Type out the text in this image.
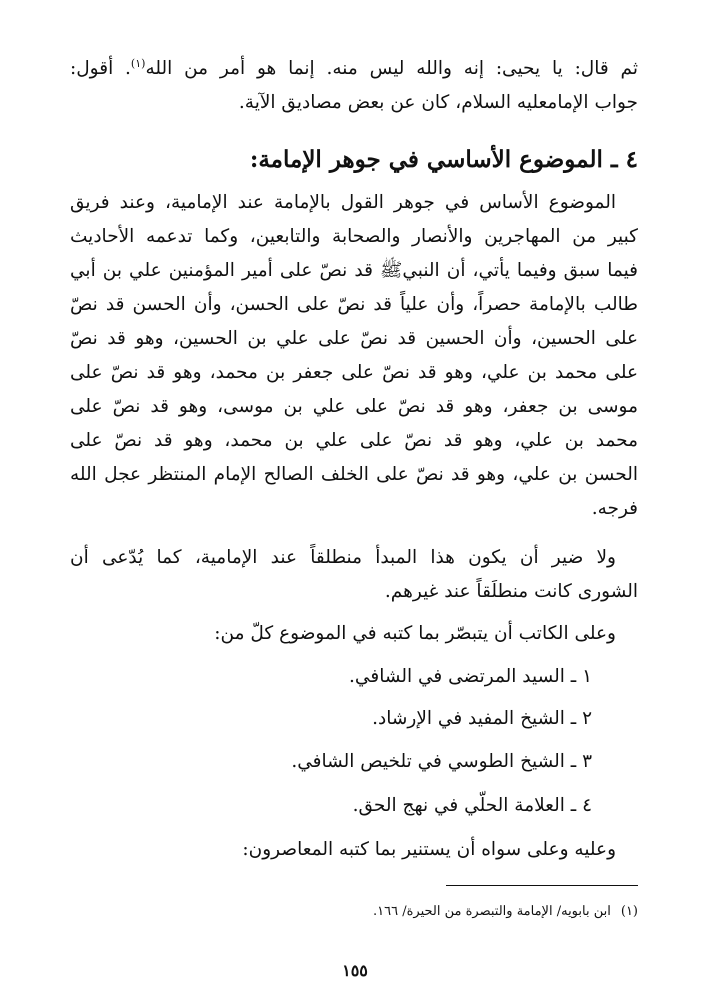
ثم قال: يا يحيى: إنه والله ليس منه. إنما هو أمر من الله$^{(١)}$. أقول:
جواب الإمامعليه السلام، كان عن بعض مصاديق الآية.

٤ ـ الموضوع الأساسي في جوهر الإمامة:

الموضوع الأساس في جوهر القول بالإمامة عند الإمامية، وعند فريق
كبير من المهاجرين والأنصار والصحابة والتابعين، وكما تدعمه الأحاديث
فيما سبق وفيما يأتي، أن النبيﷺ قد نصّ على أمير المؤمنين علي بن أبي
طالب بالإمامة حصراً، وأن علياً قد نصّ على الحسن، وأن الحسن قد نصّ
على الحسين، وأن الحسين قد نصّ على علي بن الحسين، وهو قد نصّ
على محمد بن علي، وهو قد نصّ على جعفر بن محمد، وهو قد نصّ على
موسى بن جعفر، وهو قد نصّ على علي بن موسى، وهو قد نصّ على
محمد بن علي، وهو قد نصّ على علي بن محمد، وهو قد نصّ على
الحسن بن علي، وهو قد نصّ على الخلف الصالح الإمام المنتظر عجل الله
فرجه.

ولا ضير أن يكون هذا المبدأ منطلقاً عند الإمامية، كما يُدّعى أن
الشورى كانت منطلَقاً عند غيرهم.

وعلى الكاتب أن يتبصّر بما كتبه في الموضوع كلّ من:
١ ـ السيد المرتضى في الشافي.
٢ ـ الشيخ المفيد في الإرشاد.
٣ ـ الشيخ الطوسي في تلخيص الشافي.
٤ ـ العلامة الحلّي في نهج الحق.
وعليه وعلى سواه أن يستنير بما كتبه المعاصرون:
(١)ابن بابويه/ الإمامة والتبصرة من الحيرة/ ١٦٦.
١٥٥
